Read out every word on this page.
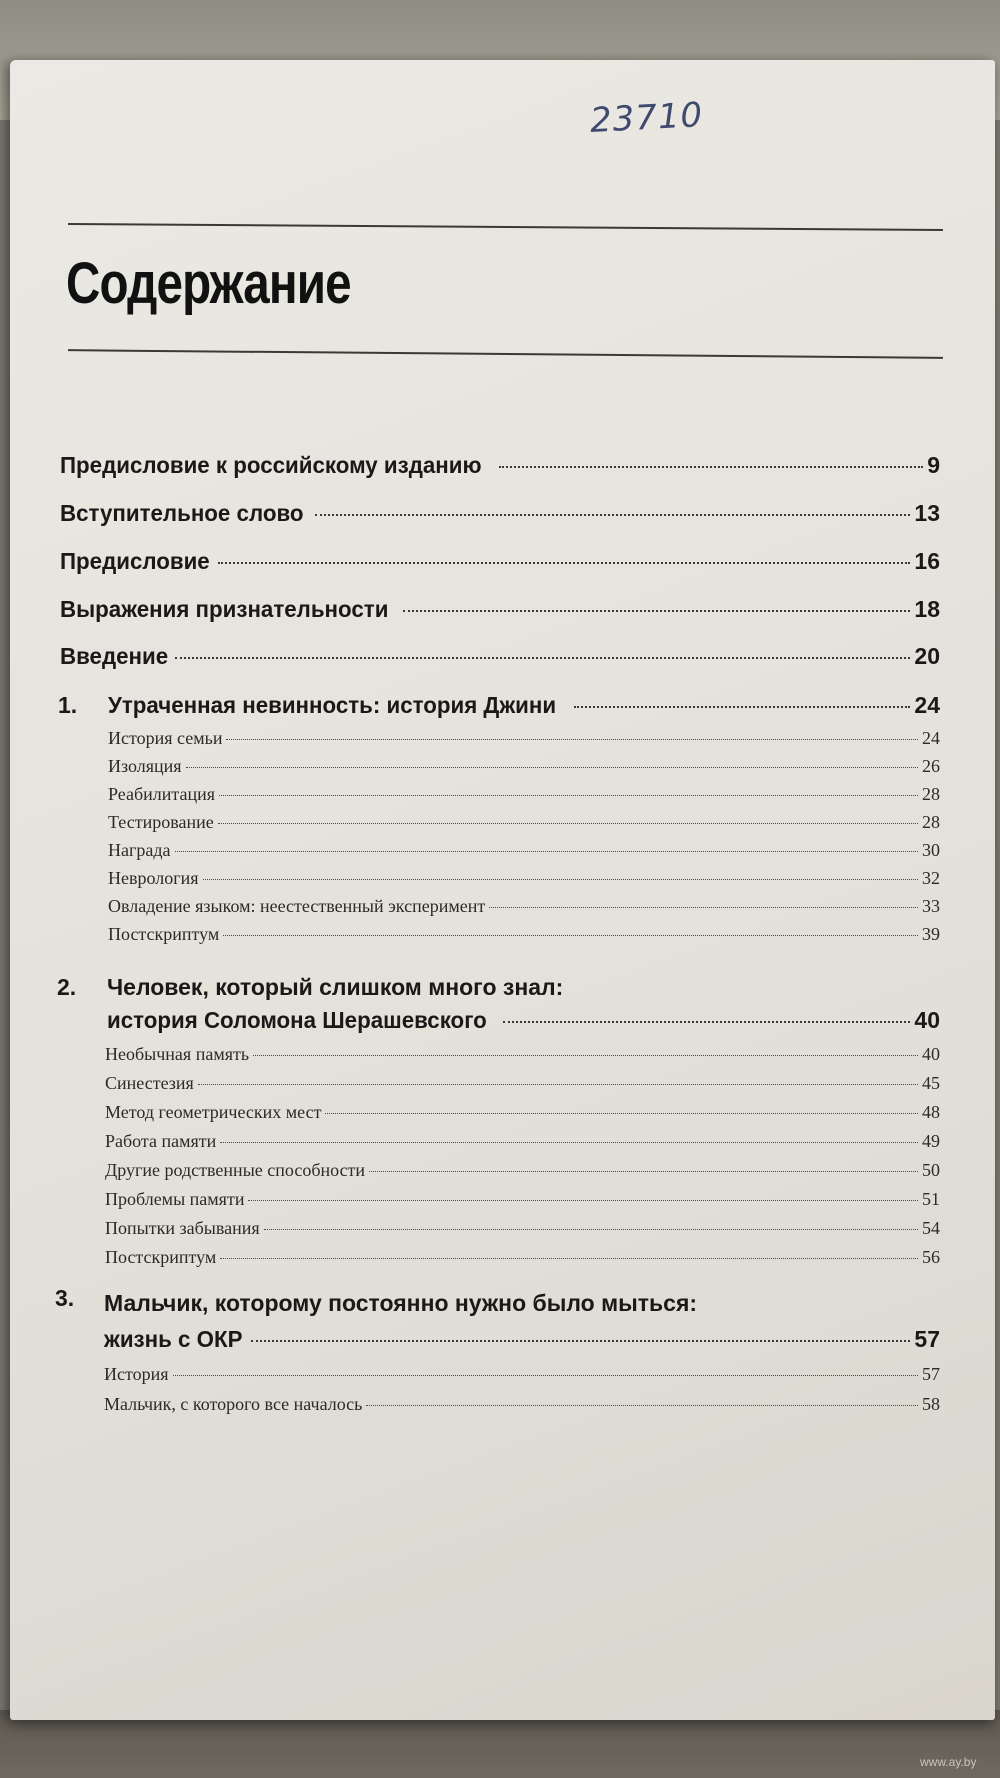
23710
Содержание
Предисловие к российскому изданию	9
Вступительное слово	13
Предисловие	16
Выражения признательности	18
Введение	20
1.	Утраченная невинность: история Джини	24
История семьи	24
Изоляция	26
Реабилитация	28
Тестирование	28
Награда	30
Неврология	32
Овладение языком: неестественный эксперимент	33
Постскриптум	39
2. Человек, который слишком много знал:
история Соломона Шерашевского	40
Необычная память	40
Синестезия	45
Метод геометрических мест	48
Работа памяти	49
Другие родственные способности	50
Проблемы памяти	51
Попытки забывания	54
Постскриптум	56
3. Мальчик, которому постоянно нужно было мыться:
жизнь с ОКР	57
История	57
Мальчик, с которого все началось	58
www.ay.by
